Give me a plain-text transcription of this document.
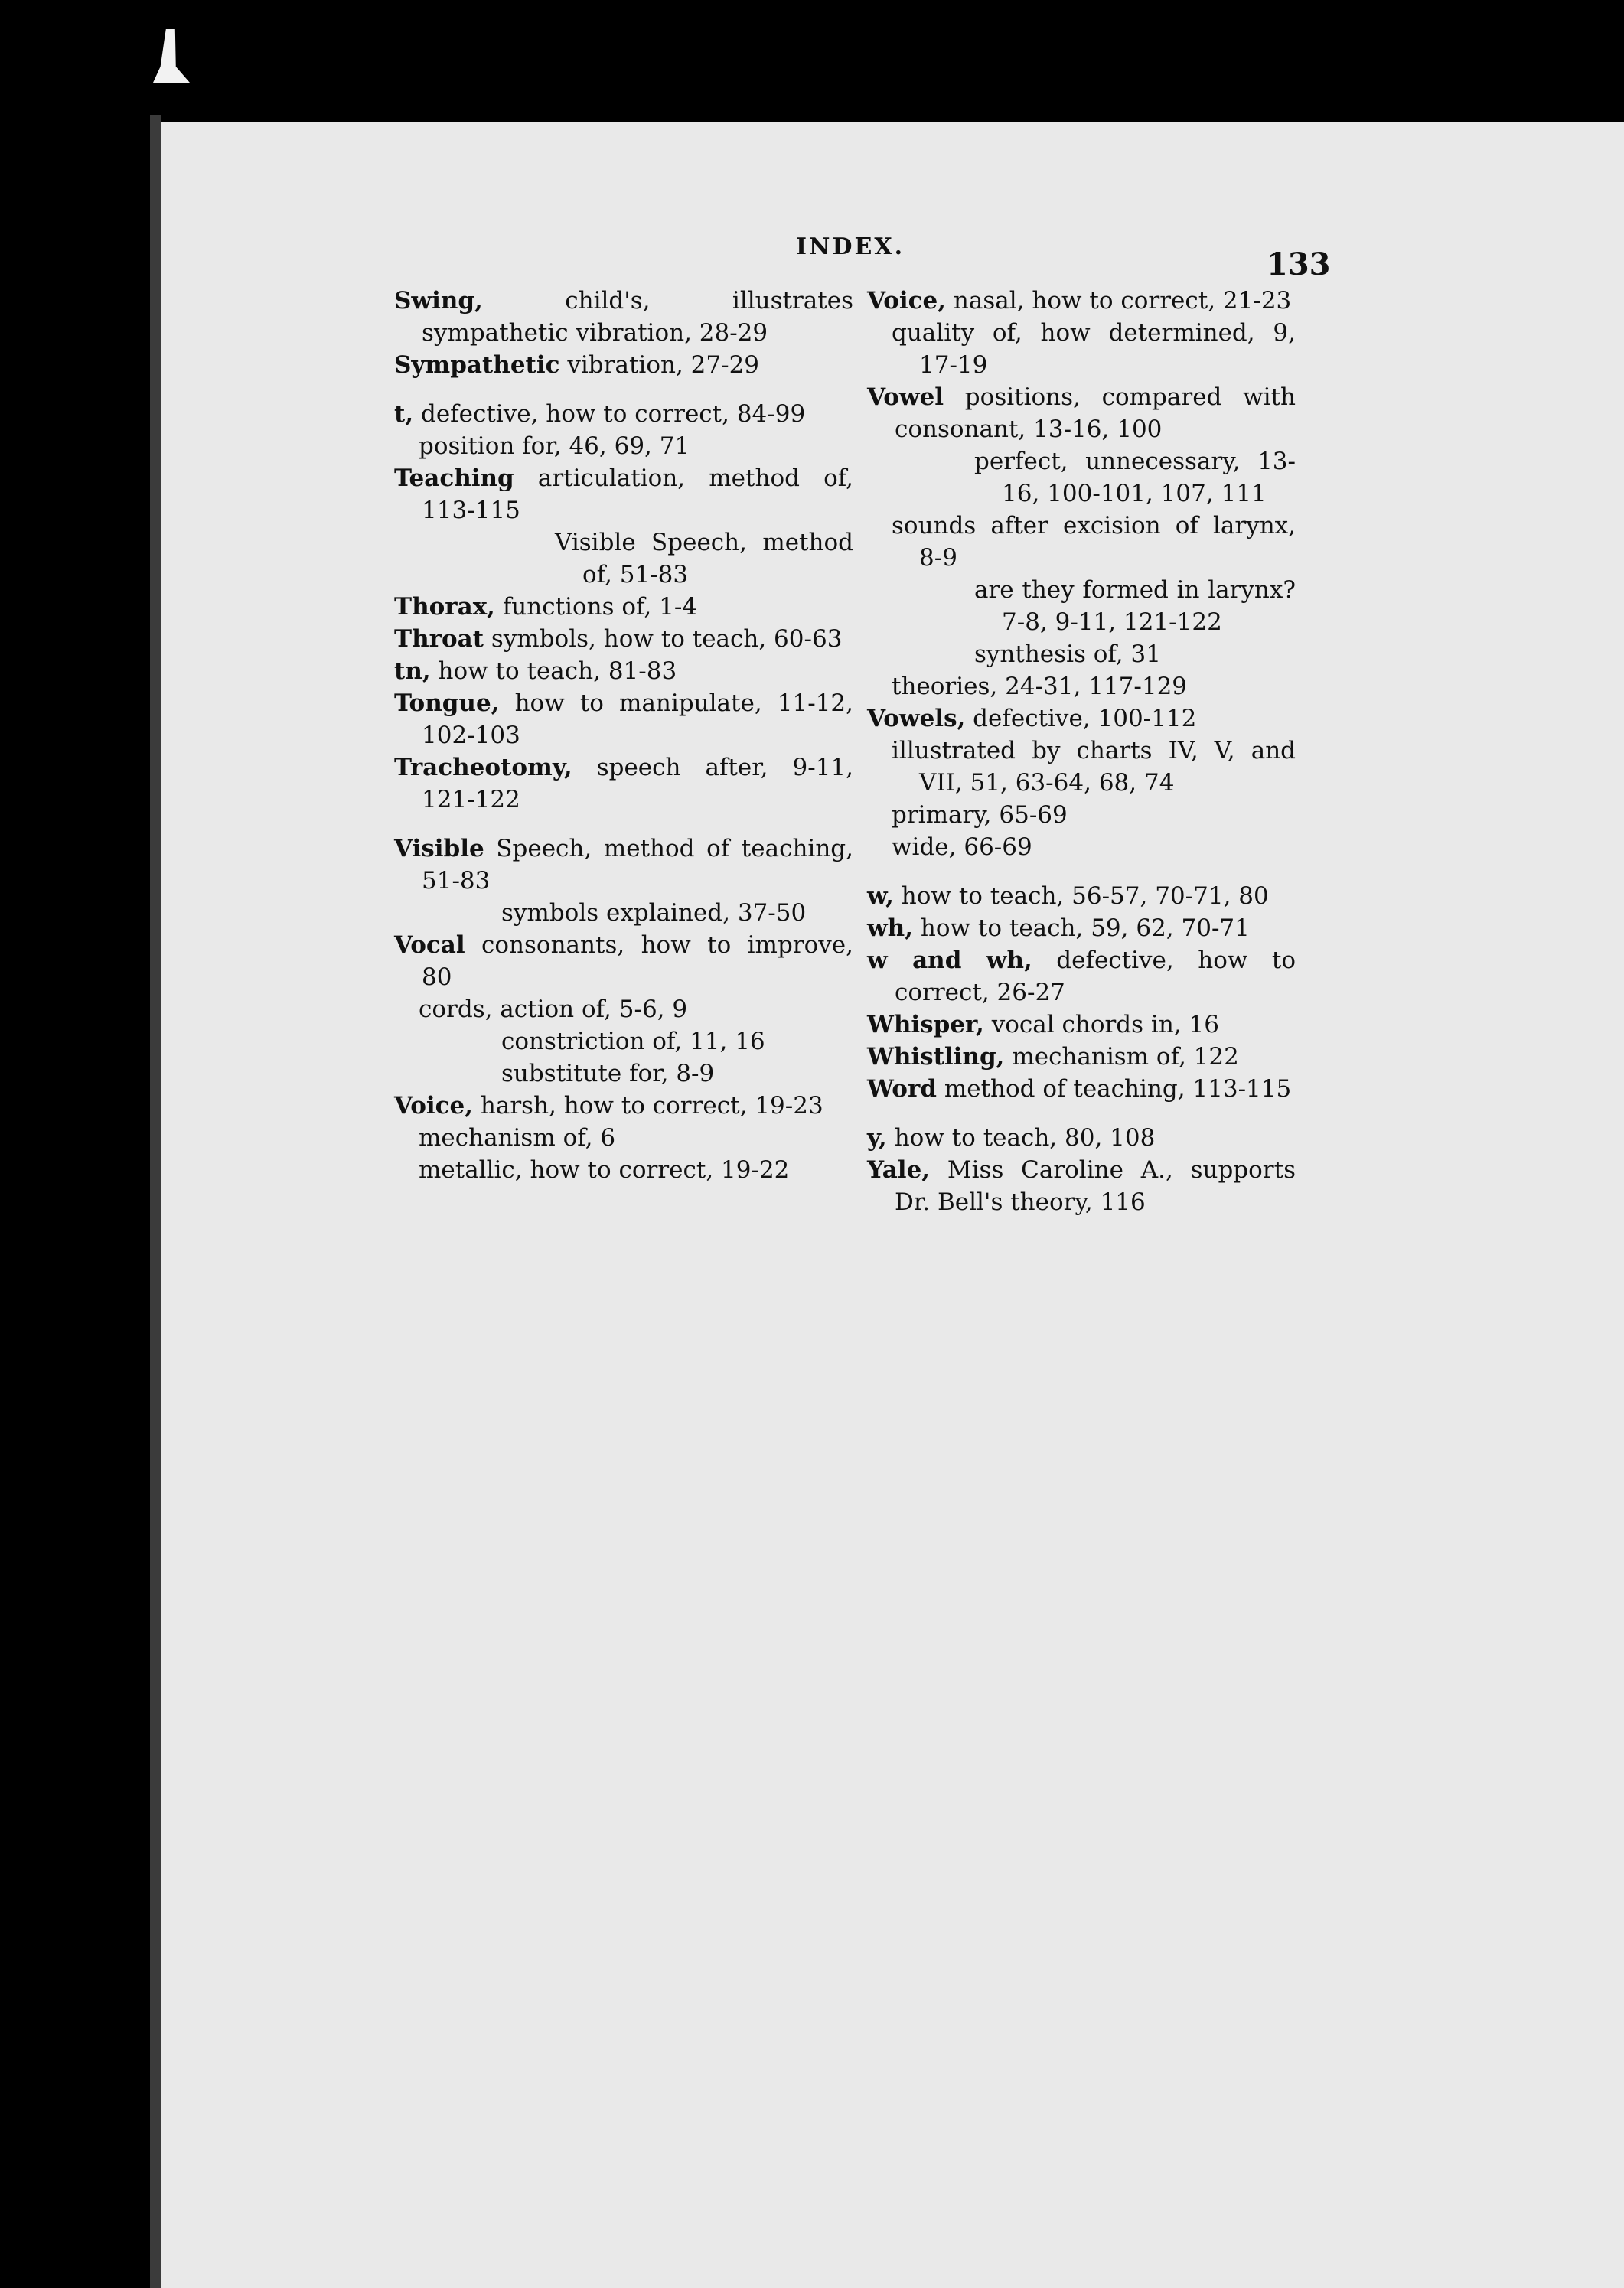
INDEX.	133

Swing, child's, illustrates sympathetic vibration, 28-29

Sympathetic vibration, 27-29

t, defective, how to correct, 84-99

position for, 46, 69, 71

Teaching articulation, method of, 113-115

Visible Speech, method of, 51-83

Thorax, functions of, 1-4

Throat symbols, how to teach, 60-63

tn, how to teach, 81-83

Tongue, how to manipulate, 11-12, 102-103

Tracheotomy, speech after, 9-11, 121-122

Visible Speech, method of teaching, 51-83

symbols explained, 37-50

Vocal consonants, how to improve, 80

cords, action of, 5-6, 9

constriction of, 11, 16

substitute for, 8-9

Voice, harsh, how to correct, 19-23

mechanism of, 6

metallic, how to correct, 19-22

Voice, nasal, how to correct, 21-23

quality of, how determined, 9, 17-19

Vowel positions, compared with consonant, 13-16, 100

perfect, unnecessary, 13-16, 100-101, 107, 111

sounds after excision of larynx, 8-9

are they formed in larynx? 7-8, 9-11, 121-122

synthesis of, 31

theories, 24-31, 117-129

Vowels, defective, 100-112

illustrated by charts IV, V, and VII, 51, 63-64, 68, 74

primary, 65-69

wide, 66-69

w, how to teach, 56-57, 70-71, 80

wh, how to teach, 59, 62, 70-71

w and wh, defective, how to correct, 26-27

Whisper, vocal chords in, 16

Whistling, mechanism of, 122

Word method of teaching, 113-115

y, how to teach, 80, 108

Yale, Miss Caroline A., supports Dr. Bell's theory, 116
